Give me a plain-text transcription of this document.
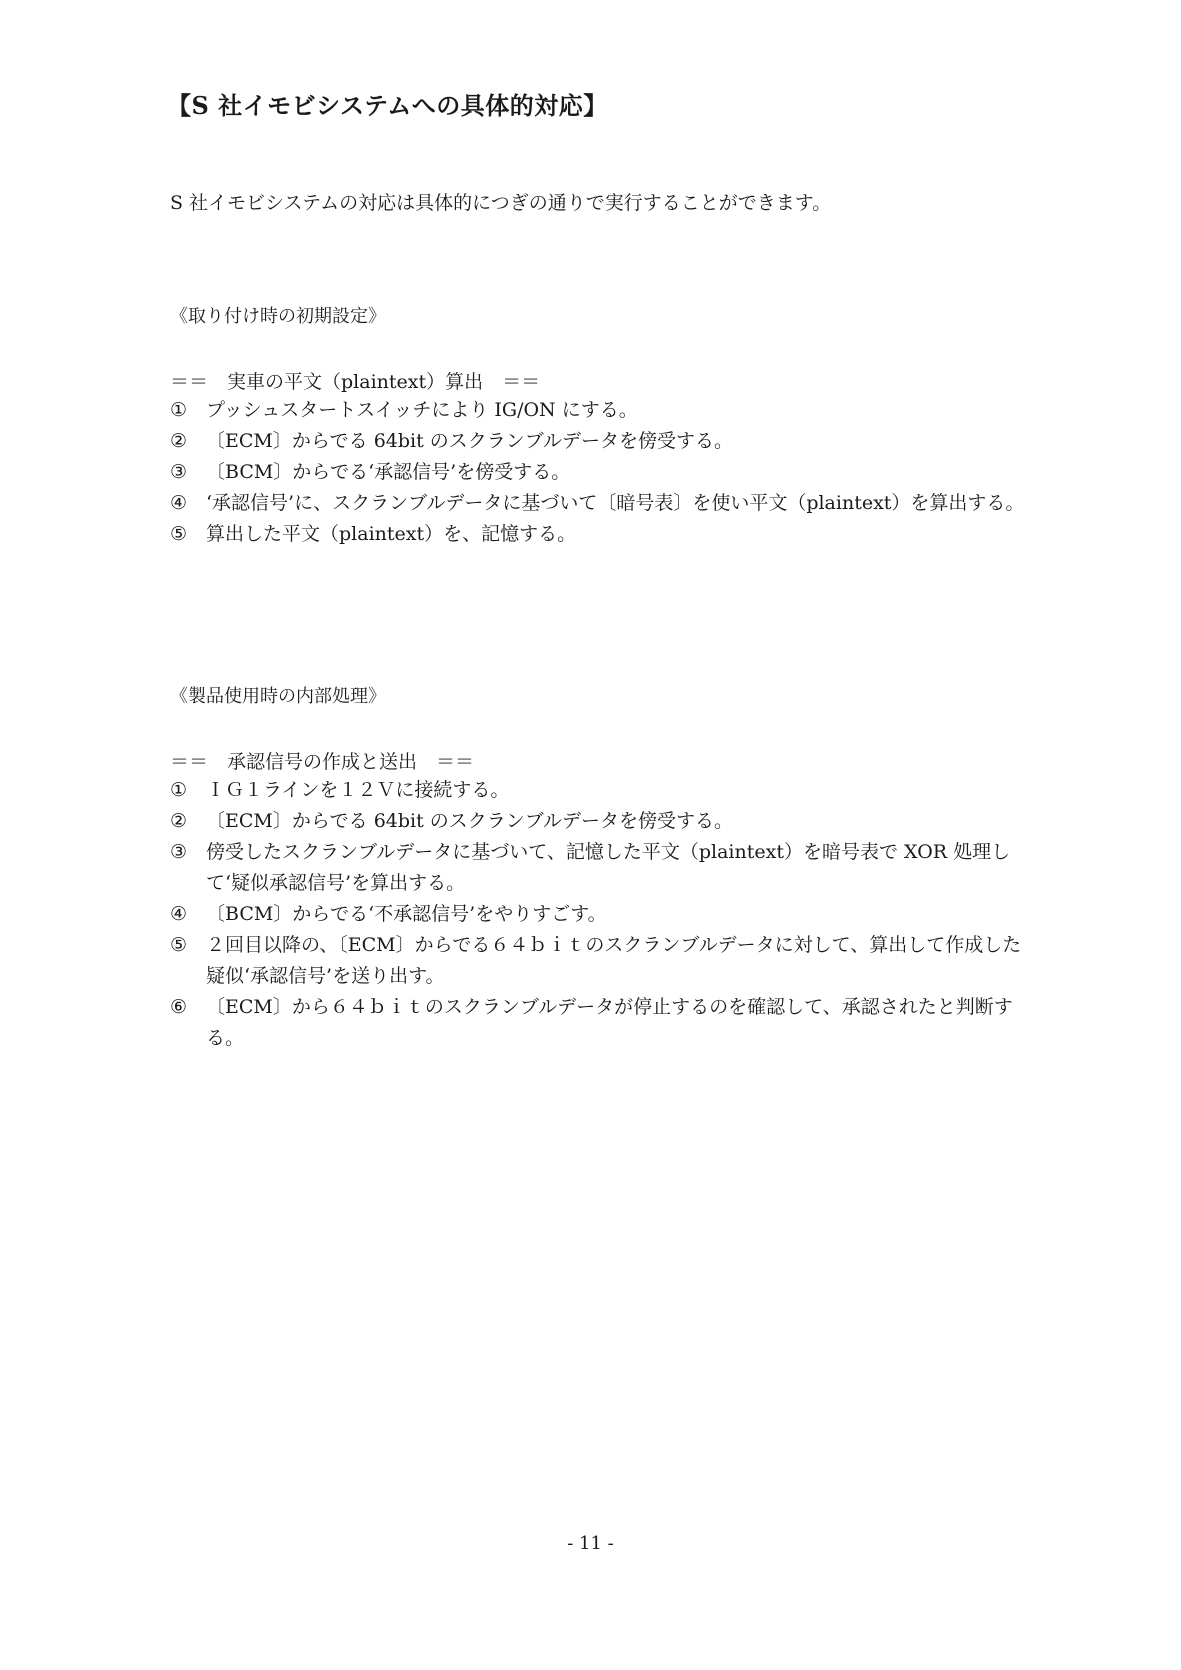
【S 社イモビシステムへの具体的対応】
S 社イモビシステムの対応は具体的につぎの通りで実行することができます。
《取り付け時の初期設定》
＝＝　実車の平文（plaintext）算出　＝＝
① プッシュスタートスイッチにより IG/ON にする。
② 〔ECM〕からでる 64bit のスクランブルデータを傍受する。
③ 〔BCM〕からでる‘承認信号’を傍受する。
④ ‘承認信号’に、スクランブルデータに基づいて〔暗号表〕を使い平文（plaintext）を算出する。
⑤ 算出した平文（plaintext）を、記憶する。
《製品使用時の内部処理》
＝＝　承認信号の作成と送出　＝＝
① ＩＧ１ラインを１２Ｖに接続する。
② 〔ECM〕からでる 64bit のスクランブルデータを傍受する。
③ 傍受したスクランブルデータに基づいて、記憶した平文（plaintext）を暗号表で XOR 処理して‘疑似承認信号’を算出する。
④ 〔BCM〕からでる‘不承認信号’をやりすごす。
⑤ ２回目以降の、〔ECM〕からでる６４ｂｉｔのスクランブルデータに対して、算出して作成した疑似‘承認信号’を送り出す。
⑥ 〔ECM〕から６４ｂｉｔのスクランブルデータが停止するのを確認して、承認されたと判断する。
- 11 -
